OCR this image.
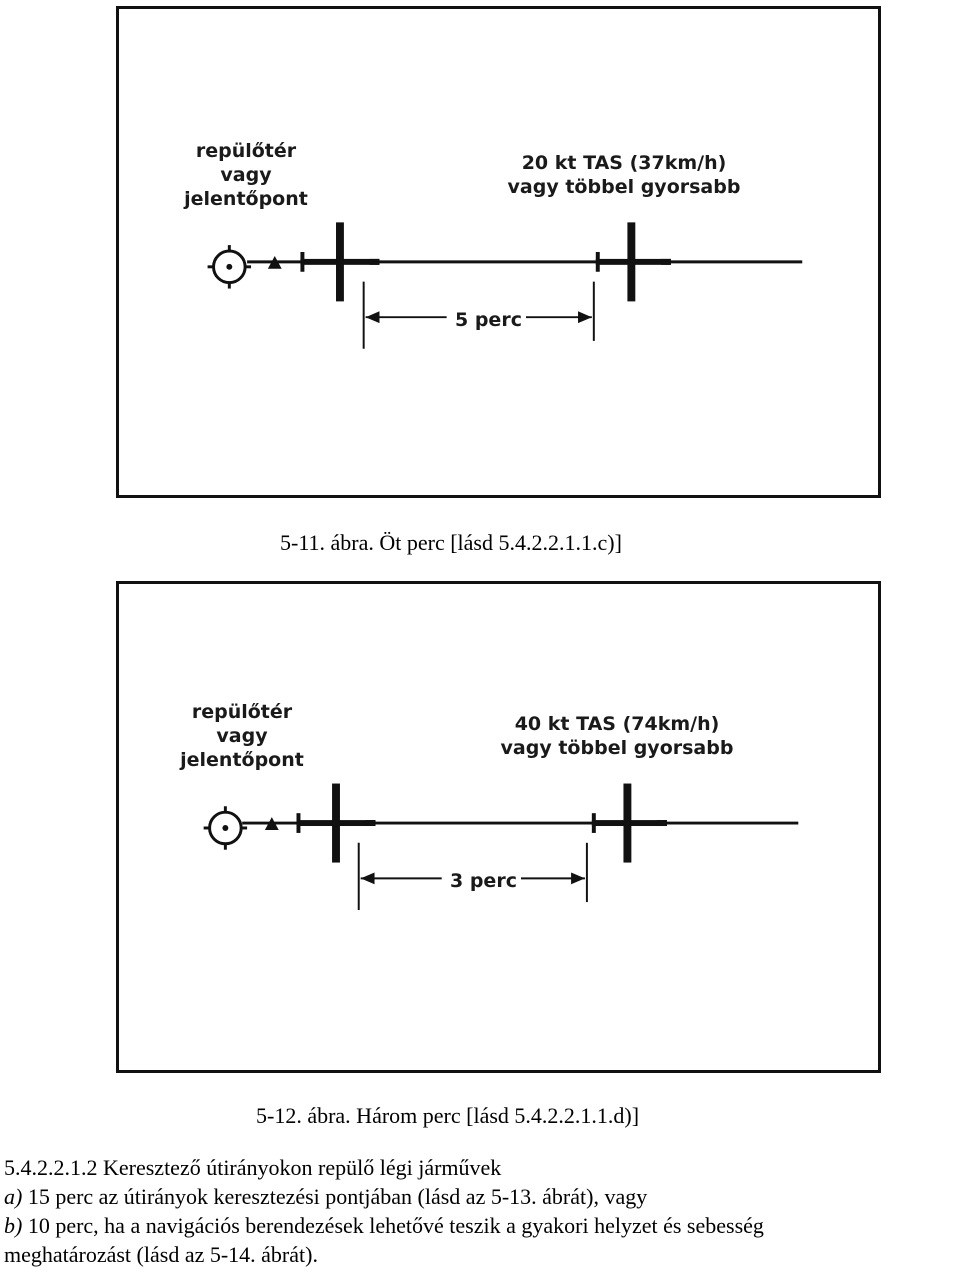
repülőtér
vagy
jelentőpont
20 kt TAS (37km/h)
vagy többel gyorsabb
5 perc
5-11. ábra. Öt perc [lásd 5.4.2.2.1.1.c)]
repülőtér
vagy
jelentőpont
40 kt TAS (74km/h)
vagy többel gyorsabb
3 perc
5-12. ábra. Három perc [lásd 5.4.2.2.1.1.d)]
5.4.2.2.1.2 Keresztező útirányokon repülő légi járművek
a) 15 perc az útirányok keresztezési pontjában (lásd az 5-13. ábrát), vagy
b) 10 perc, ha a navigációs berendezések lehetővé teszik a gyakori helyzet és sebesség
meghatározást (lásd az 5-14. ábrát).
